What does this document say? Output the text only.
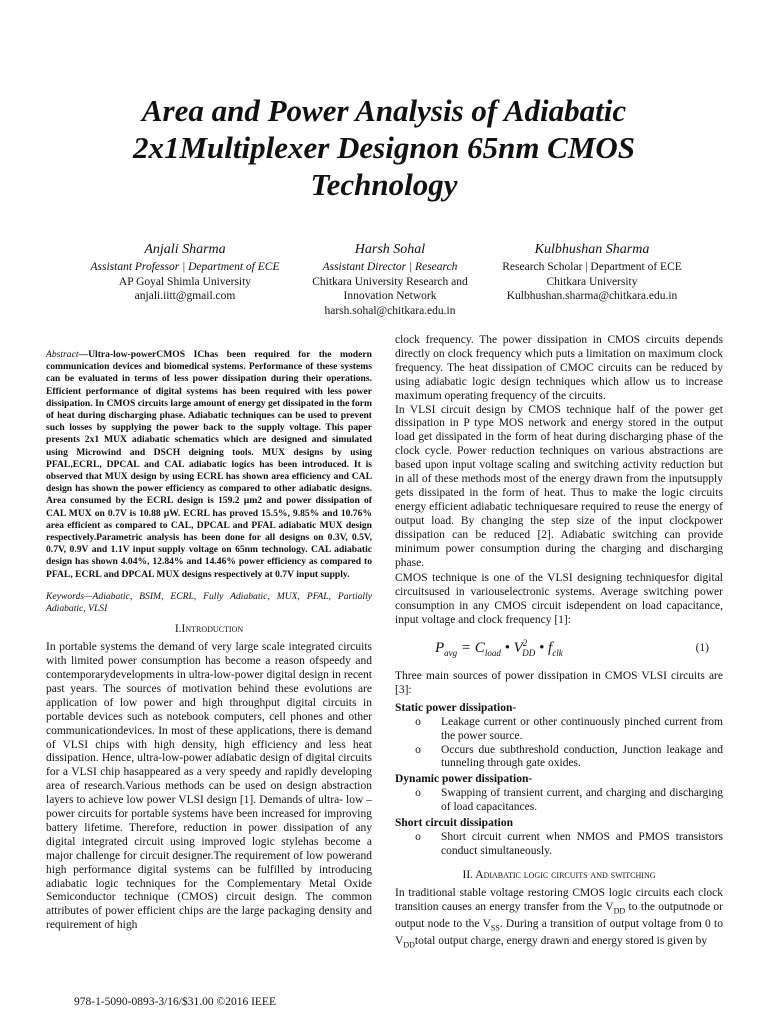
Area and Power Analysis of Adiabatic 2x1Multiplexer Designon 65nm CMOS Technology
Anjali Sharma
Assistant Professor | Department of ECE
AP Goyal Shimla University
anjali.iitt@gmail.com
Harsh Sohal
Assistant Director | Research
Chitkara University Research and Innovation Network
harsh.sohal@chitkara.edu.in
Kulbhushan Sharma
Research Scholar | Department of ECE
Chitkara University
Kulbhushan.sharma@chitkara.edu.in

Abstract—Ultra-low-powerCMOS IChas been required for the modern communication devices and biomedical systems. Performance of these systems can be evaluated in terms of less power dissipation during their operations. Efficient performance of digital systems has been required with less power dissipation. In CMOS circuits large amount of energy get dissipated in the form of heat during discharging phase. Adiabatic techniques can be used to prevent such losses by supplying the power back to the supply voltage. This paper presents 2x1 MUX adiabatic schematics which are designed and simulated using Microwind and DSCH deigning tools. MUX designs by using PFAL,ECRL, DPCAL and CAL adiabatic logics has been introduced. It is observed that MUX design by using ECRL has shown area efficiency and CAL design has shown the power efficiency as compared to other adiabatic designs. Area consumed by the ECRL design is 159.2 µm2 and power dissipation of CAL MUX on 0.7V is 10.88 µW. ECRL has proved 15.5%, 9.85% and 10.76% area efficient as compared to CAL, DPCAL and PFAL adiabatic MUX design respectively.Parametric analysis has been done for all designs on 0.3V, 0.5V, 0.7V, 0.9V and 1.1V input supply voltage on 65nm technology. CAL adiabatic design has shown 4.04%, 12.84% and 14.46% power efficiency as compared to PFAL, ECRL and DPCAL MUX designs respectively at 0.7V input supply.

Keywords—Adiabatic, BSIM, ECRL, Fully Adiabatic, MUX, PFAL, Partially Adiabatic, VLSI

I.Introduction

In portable systems the demand of very large scale integrated circuits with limited power consumption has become a reason ofspeedy and contemporarydevelopments in ultra-low-power digital design in recent past years. The sources of motivation behind these evolutions are application of low power and high throughput digital circuits in portable devices such as notebook computers, cell phones and other communicationdevices. In most of these applications, there is demand of VLSI chips with high density, high efficiency and less heat dissipation. Hence, ultra-low-power adiabatic design of digital circuits for a VLSI chip hasappeared as a very speedy and rapidly developing area of research.Various methods can be used on design abstraction layers to achieve low power VLSI design [1]. Demands of ultra- low –power circuits for portable systems have been increased for improving battery lifetime. Therefore, reduction in power dissipation of any digital integrated circuit using improved logic stylehas become a major challenge for circuit designer.The requirement of low powerand high performance digital systems can be fulfilled by introducing adiabatic logic techniques for the Complementary Metal Oxide Semiconductor technique (CMOS) circuit design. The common attributes of power efficient chips are the large packaging density and requirement of high

clock frequency. The power dissipation in CMOS circuits depends directly on clock frequency which puts a limitation on maximum clock frequency. The heat dissipation of CMOC circuits can be reduced by using adiabatic logic design techniques which allow us to increase maximum operating frequency of the circuits.

In VLSI circuit design by CMOS technique half of the power get dissipation in P type MOS network and energy stored in the output load get dissipated in the form of heat during discharging phase of the clock cycle. Power reduction techniques on various abstractions are based upon input voltage scaling and switching activity reduction but in all of these methods most of the energy drawn from the inputsupply gets dissipated in the form of heat. Thus to make the logic circuits energy efficient adiabatic techniquesare required to reuse the energy of output load. By changing the step size of the input clockpower dissipation can be reduced [2]. Adiabatic switching can provide minimum power consumption during the charging and discharging phase.

CMOS technique is one of the VLSI designing techniquesfor digital circuitsused in variouselectronic systems. Average switching power consumption in any CMOS circuit isdependent on load capacitance, input voltage and clock frequency [1]:

$P_{avg} = C_{load}$ • $V^2_{DD}$ • $f_{clk}$	(1)

Three main sources of power dissipation in CMOS VLSI circuits are [3]:

Static power dissipation-
o	Leakage current or other continuously pinched current from the power source.
o	Occurs due subthreshold conduction, Junction leakage and tunneling through gate oxides.
Dynamic power dissipation-
o	Swapping of transient current, and charging and discharging of load capacitances.
Short circuit dissipation
o	Short circuit current when NMOS and PMOS transistors conduct simultaneously.
II. Adiabatic logic circuits and switching

In traditional stable voltage restoring CMOS logic circuits each clock transition causes an energy transfer from the $V_{DD}$ to the outputnode or output node to the $V_{SS}$. During a transition of output voltage from 0 to $V_{DD}total$ output charge, energy drawn and energy stored is given by

978-1-5090-0893-3/16/$31.00 ©2016 IEEE
